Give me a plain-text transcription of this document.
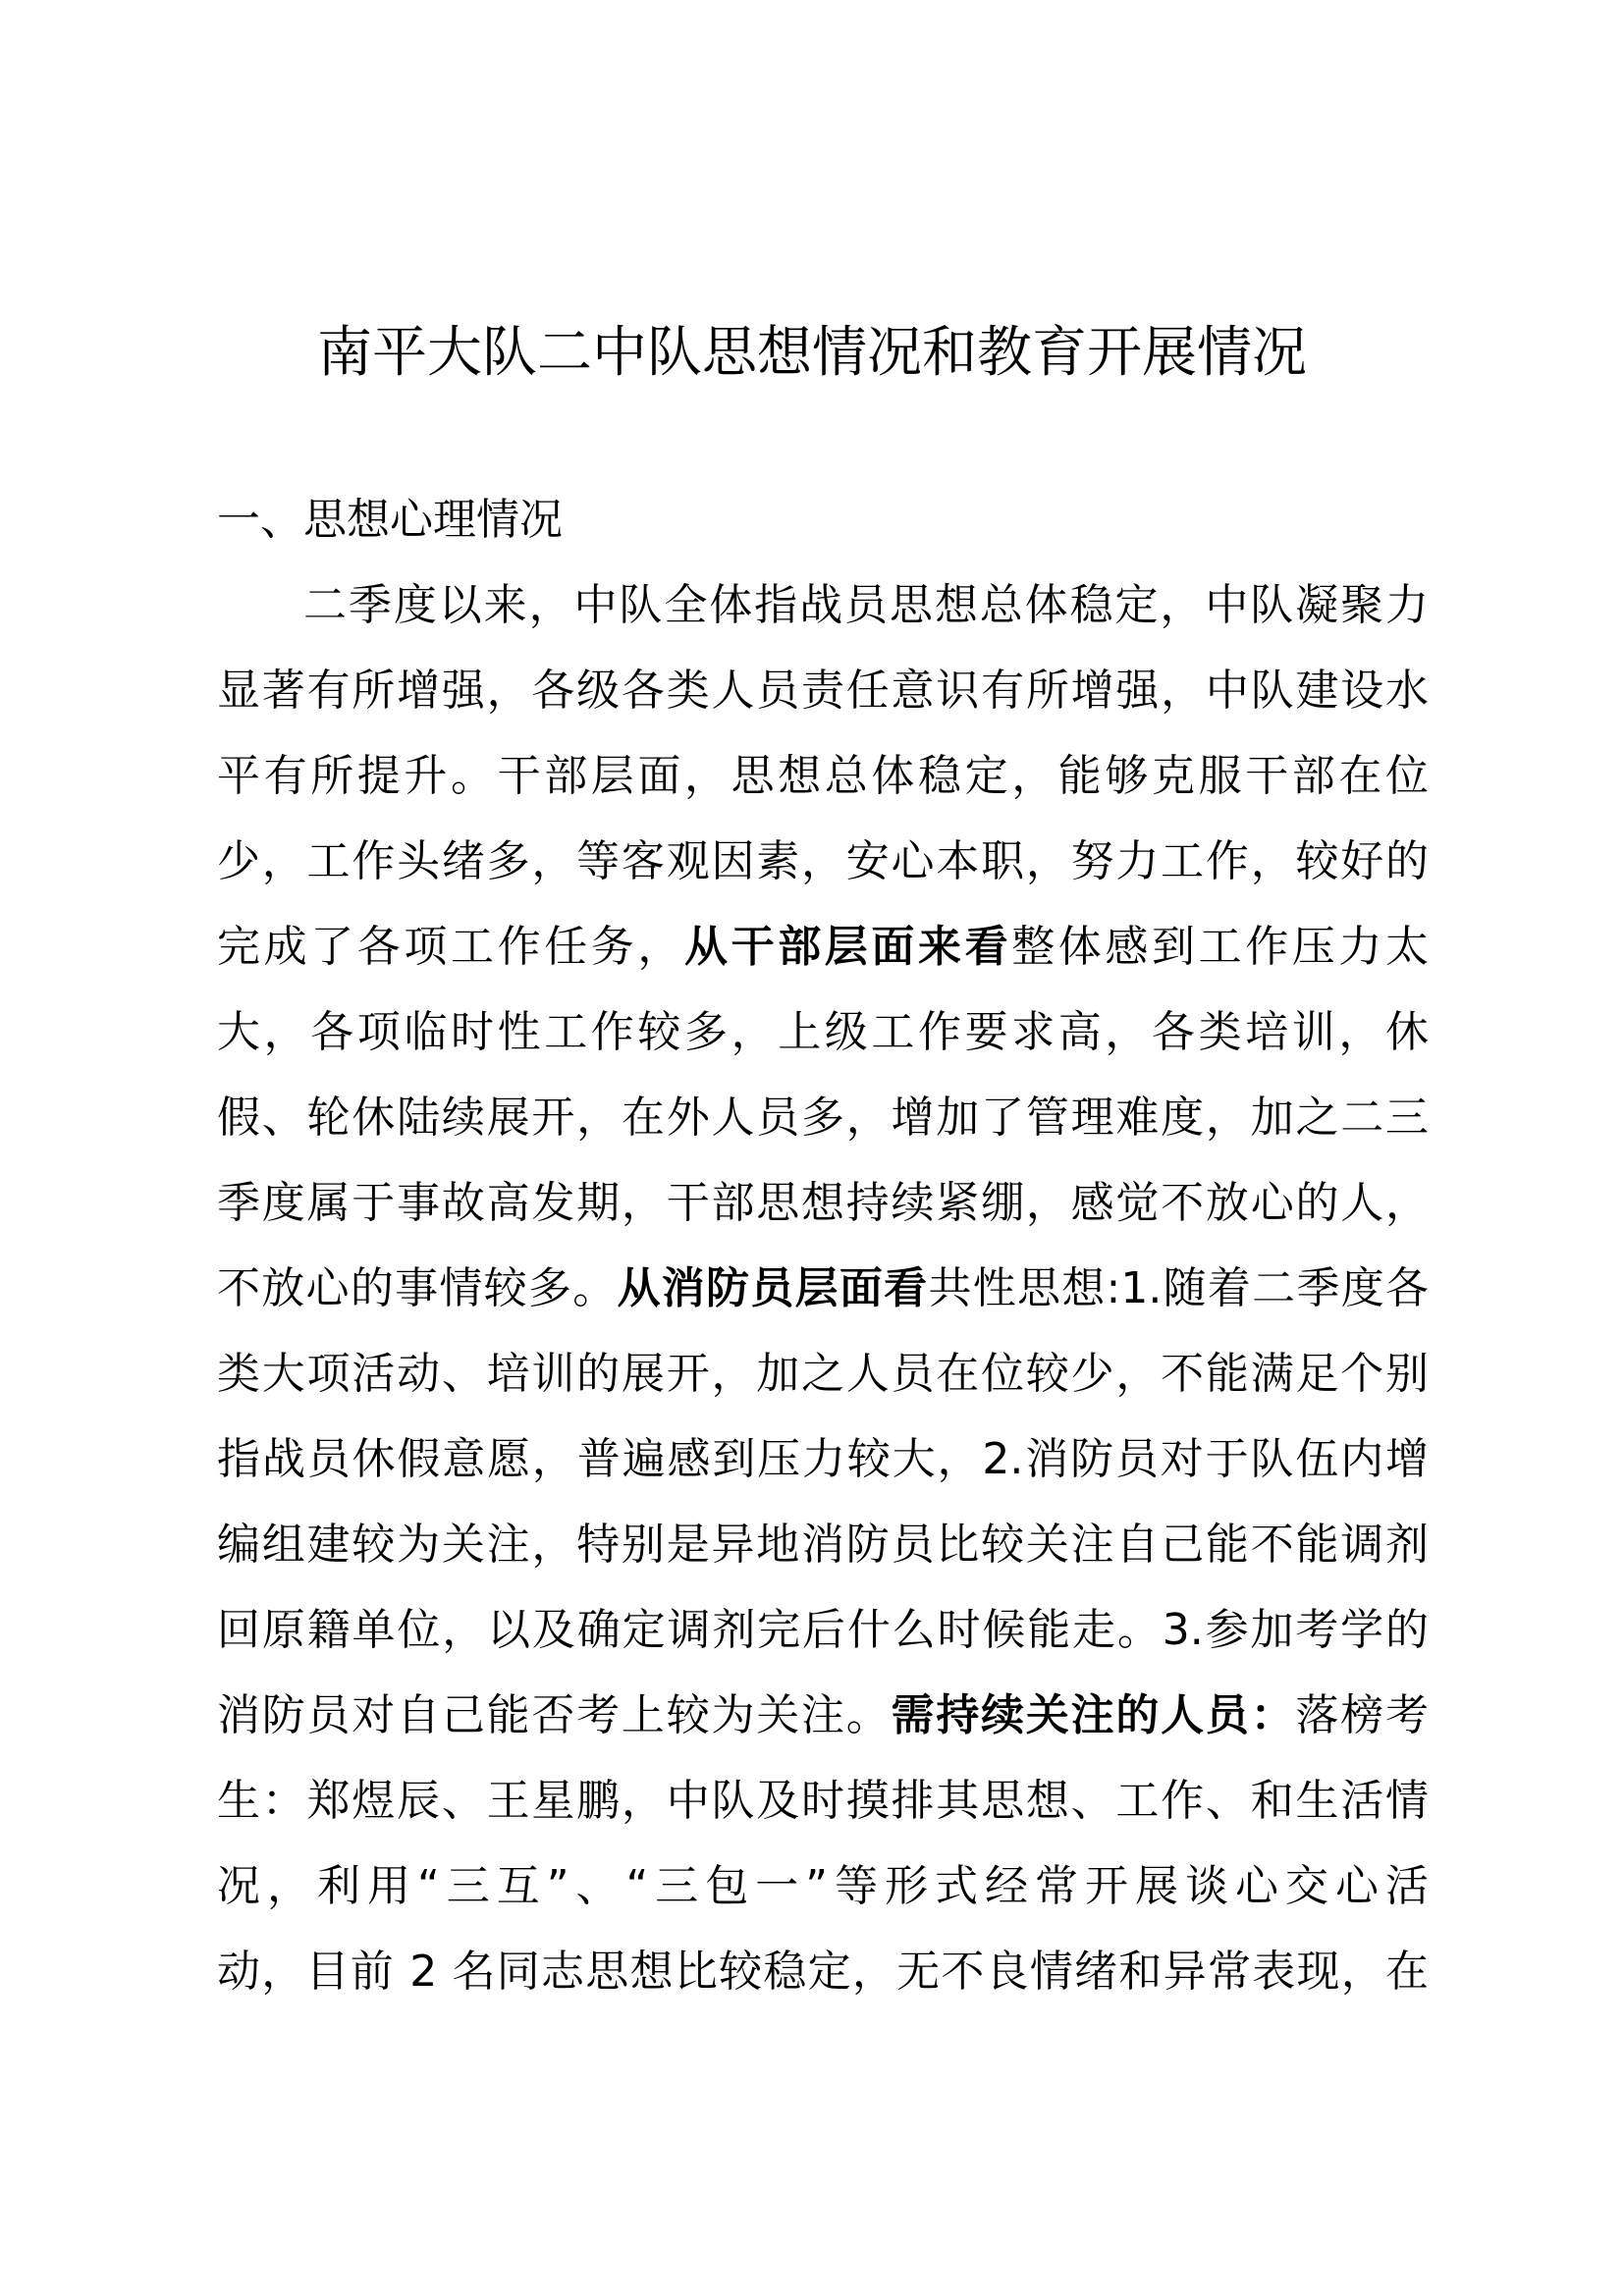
南平大队二中队思想情况和教育开展情况
一、思想心理情况
二季度以来，中队全体指战员思想总体稳定，中队凝聚力
显著有所增强，各级各类人员责任意识有所增强，中队建设水
平有所提升。干部层面，思想总体稳定，能够克服干部在位
少，工作头绪多，等客观因素，安心本职，努力工作，较好的
完成了各项工作任务，从干部层面来看整体感到工作压力太
大，各项临时性工作较多，上级工作要求高，各类培训，休
假、轮休陆续展开，在外人员多，增加了管理难度，加之二三
季度属于事故高发期，干部思想持续紧绷，感觉不放心的人，
不放心的事情较多。从消防员层面看共性思想:1.随着二季度各
类大项活动、培训的展开，加之人员在位较少，不能满足个别
指战员休假意愿，普遍感到压力较大，2.消防员对于队伍内增
编组建较为关注，特别是异地消防员比较关注自己能不能调剂
回原籍单位，以及确定调剂完后什么时候能走。3.参加考学的
消防员对自己能否考上较为关注。需持续关注的人员：落榜考
生：郑煜辰、王星鹏，中队及时摸排其思想、工作、和生活情
况，利用“三互”、“三包一”等形式经常开展谈心交心活
动，目前 2 名同志思想比较稳定，无不良情绪和异常表现，在
